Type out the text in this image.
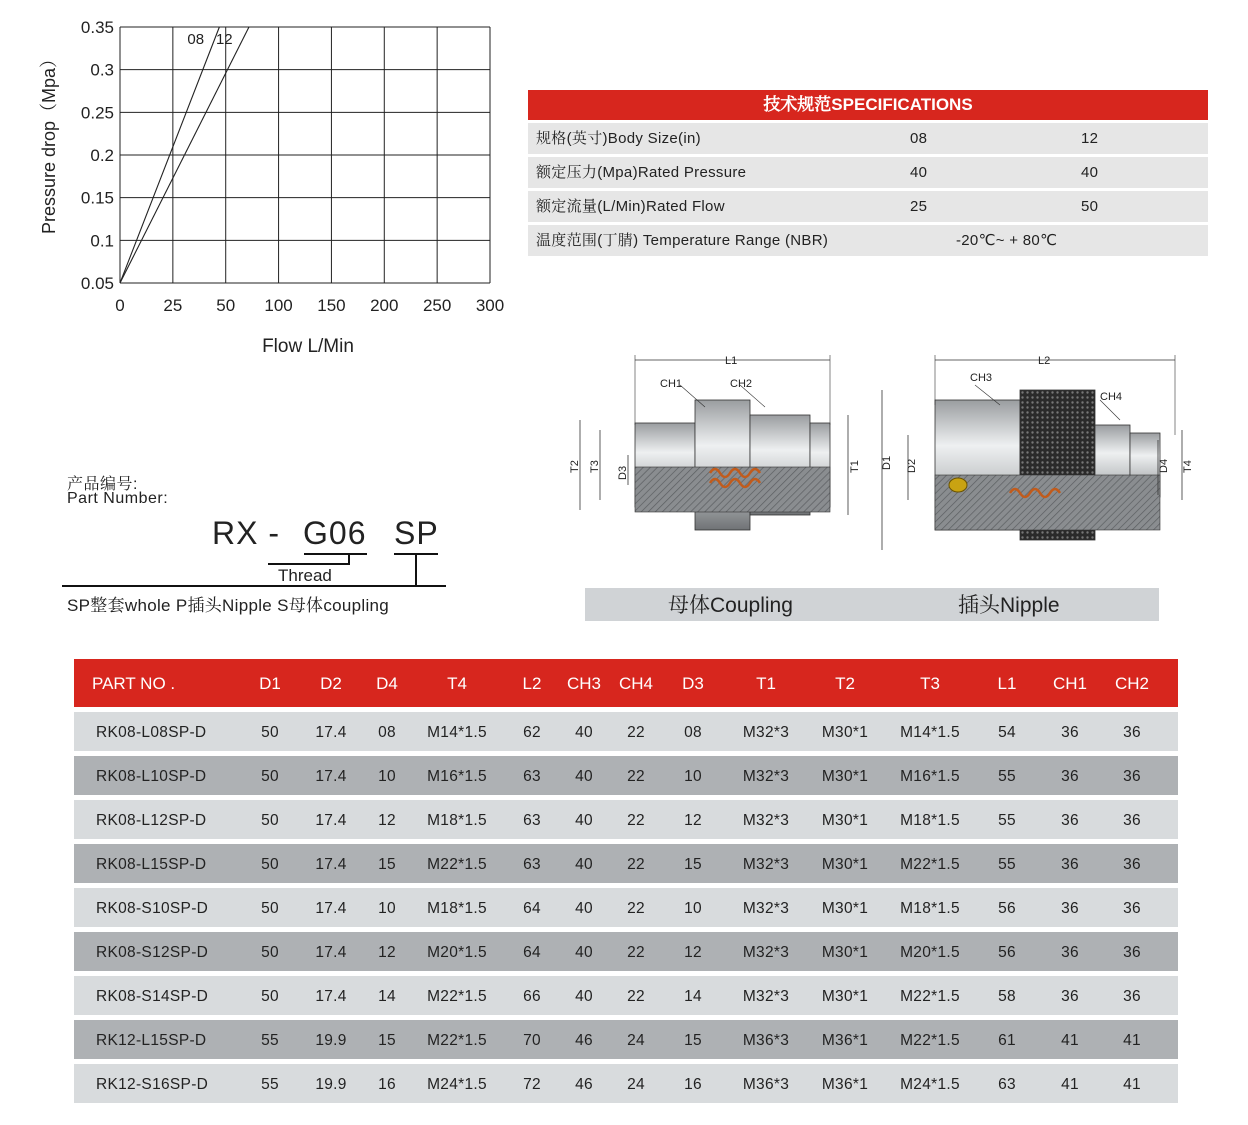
0 25 50 100 150 200 250 300
0.05
0.1
0.15
0.2
0.25
0.3
0.35
08 12
Flow L/Min
Pressure drop（Mpa）	技术规范SPECIFICATIONS
规格(英寸)Body Size(in)	08	12
额定压力(Mpa)Rated Pressure	40	40
额定流量(L/Min)Rated Flow	25	50
温度范围(丁腈) Temperature Range (NBR)	-20℃~ + 80℃
产品编号:
Part Number:
RX - G06 SP
Thread
SP整套whole P插头Nipple S母体coupling
L1
CH1	CH2
T2 T3 D3	T1
L2
CH3
CH4
D1 D2	D4 T4
母体Coupling	插头Nipple
PART NO .	D1 D2 D4	T4	L2 CH3 CH4 D3	T1	T2	T3	L1 CH1 CH2
RK08-L08SP-D	50 17.4 08 M14*1.5 62 40 22	08	M32*3 M30*1 M14*1.5 54	36	36
RK08-L10SP-D	50 17.4 10 M16*1.5 63 40 22	10	M32*3 M30*1 M16*1.5 55	36	36
RK08-L12SP-D	50 17.4 12 M18*1.5 63 40 22	12	M32*3 M30*1 M18*1.5 55	36	36
RK08-L15SP-D	50 17.4 15 M22*1.5 63 40 22	15	M32*3 M30*1 M22*1.5 55	36	36
RK08-S10SP-D	50 17.4 10 M18*1.5 64 40 22	10	M32*3 M30*1 M18*1.5 56	36	36
RK08-S12SP-D	50 17.4 12 M20*1.5 64 40 22	12	M32*3 M30*1 M20*1.5 56	36	36
RK08-S14SP-D	50 17.4 14 M22*1.5 66 40 22	14	M32*3 M30*1 M22*1.5 58	36	36
RK12-L15SP-D	55 19.9 15 M22*1.5 70 46 24	15	M36*3 M36*1 M22*1.5 61	41	41
RK12-S16SP-D	55 19.9 16 M24*1.5 72 46 24	16	M36*3 M36*1 M24*1.5 63	41	41
